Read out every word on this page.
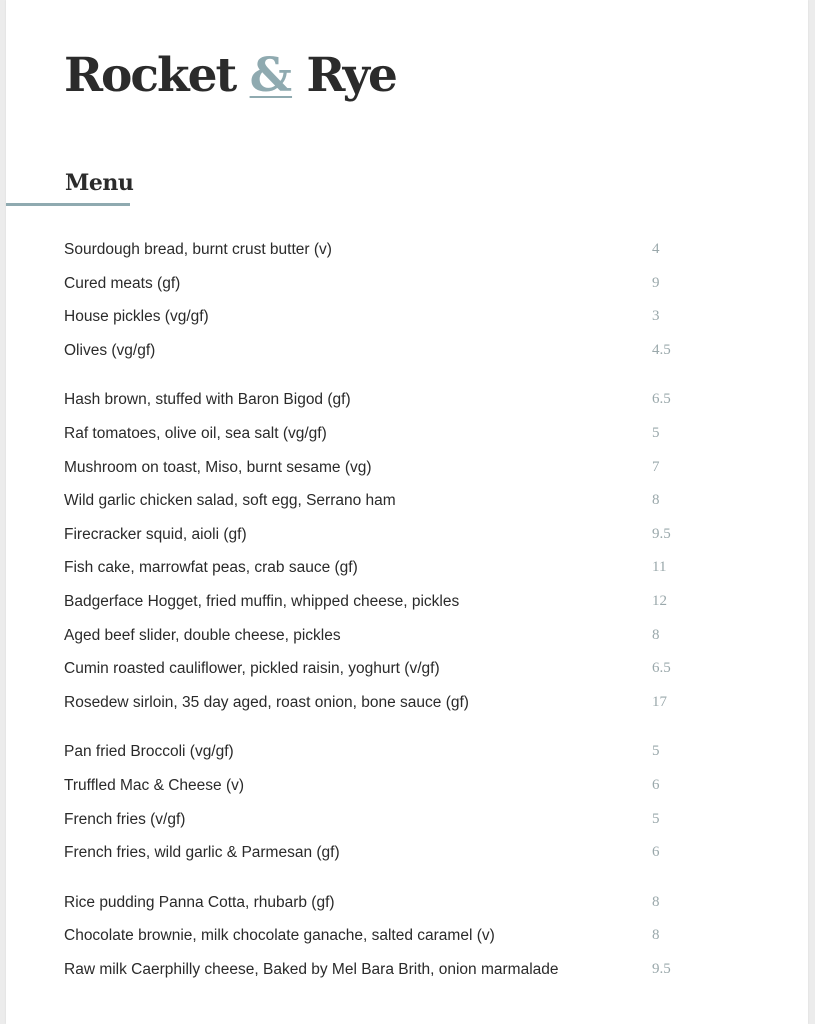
Rocket & Rye
Menu
Sourdough bread, burnt crust butter (v)	4
Cured meats (gf)	9
House pickles (vg/gf)	3
Olives (vg/gf)	4.5
Hash brown, stuffed with Baron Bigod (gf)	6.5
Raf tomatoes, olive oil, sea salt (vg/gf)	5
Mushroom on toast, Miso, burnt sesame (vg)	7
Wild garlic chicken salad, soft egg, Serrano ham	8
Firecracker squid, aioli (gf)	9.5
Fish cake, marrowfat peas, crab sauce (gf)	11
Badgerface Hogget, fried muffin, whipped cheese, pickles	12
Aged beef slider, double cheese, pickles	8
Cumin roasted cauliflower, pickled raisin, yoghurt (v/gf)	6.5
Rosedew sirloin, 35 day aged, roast onion, bone sauce (gf)	17
Pan fried Broccoli (vg/gf)	5
Truffled Mac & Cheese (v)	6
French fries (v/gf)	5
French fries, wild garlic & Parmesan (gf)	6
Rice pudding Panna Cotta, rhubarb (gf)	8
Chocolate brownie, milk chocolate ganache, salted caramel (v)	8
Raw milk Caerphilly cheese, Baked by Mel Bara Brith, onion marmalade	9.5
